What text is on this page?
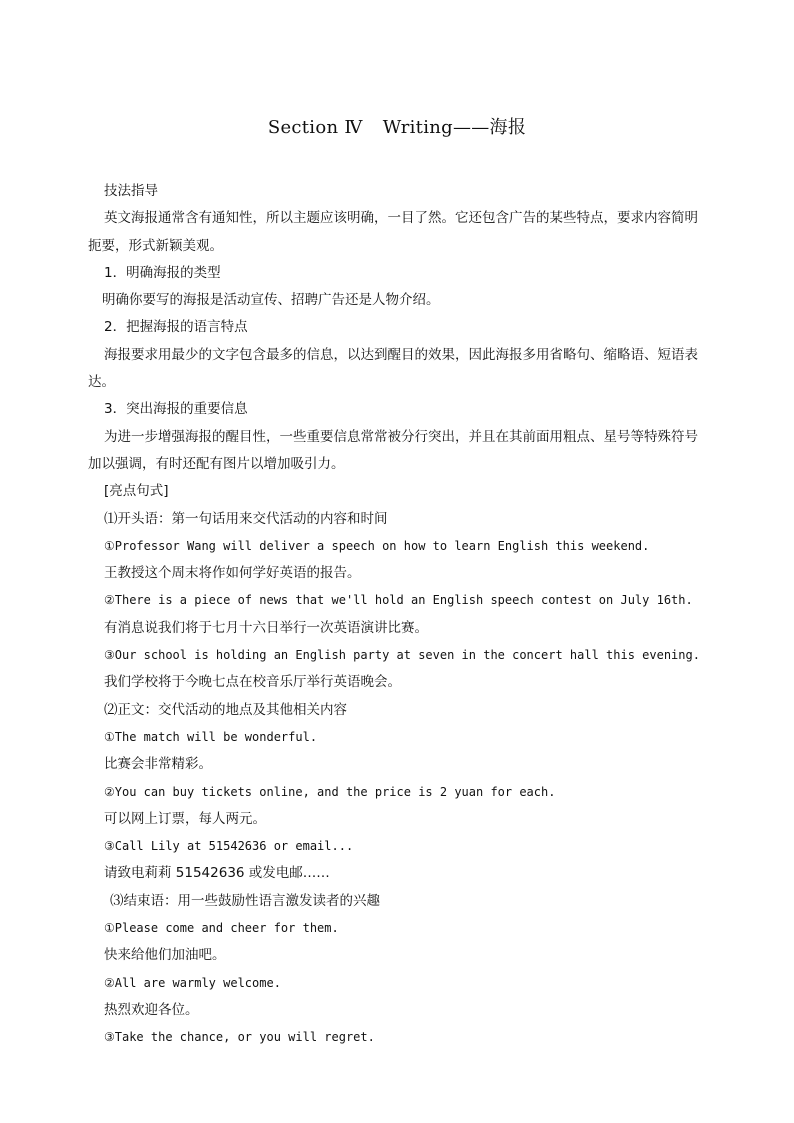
Section Ⅳ Writing——海报
技法指导
英文海报通常含有通知性，所以主题应该明确，一目了然。它还包含广告的某些特点，要求内容简明
扼要，形式新颖美观。
1．明确海报的类型
明确你要写的海报是活动宣传、招聘广告还是人物介绍。
2．把握海报的语言特点
海报要求用最少的文字包含最多的信息，以达到醒目的效果，因此海报多用省略句、缩略语、短语表
达。
3．突出海报的重要信息
为进一步增强海报的醒目性，一些重要信息常常被分行突出，并且在其前面用粗点、星号等特殊符号
加以强调，有时还配有图片以增加吸引力。
[亮点句式]
⑴开头语：第一句话用来交代活动的内容和时间
①Professor Wang will deliver a speech on how to learn English this weekend.
王教授这个周末将作如何学好英语的报告。
②There is a piece of news that we'll hold an English speech contest on July 16th.
有消息说我们将于七月十六日举行一次英语演讲比赛。
③Our school is holding an English party at seven in the concert hall this evening.
我们学校将于今晚七点在校音乐厅举行英语晚会。
⑵正文：交代活动的地点及其他相关内容
①The match will be wonderful.
比赛会非常精彩。
②You can buy tickets online, and the price is 2 yuan for each.
可以网上订票，每人两元。
③Call Lily at 51542636 or email...
请致电莉莉 51542636 或发电邮……
⑶结束语：用一些鼓励性语言激发读者的兴趣
①Please come and cheer for them.
快来给他们加油吧。
②All are warmly welcome.
热烈欢迎各位。
③Take the chance, or you will regret.
